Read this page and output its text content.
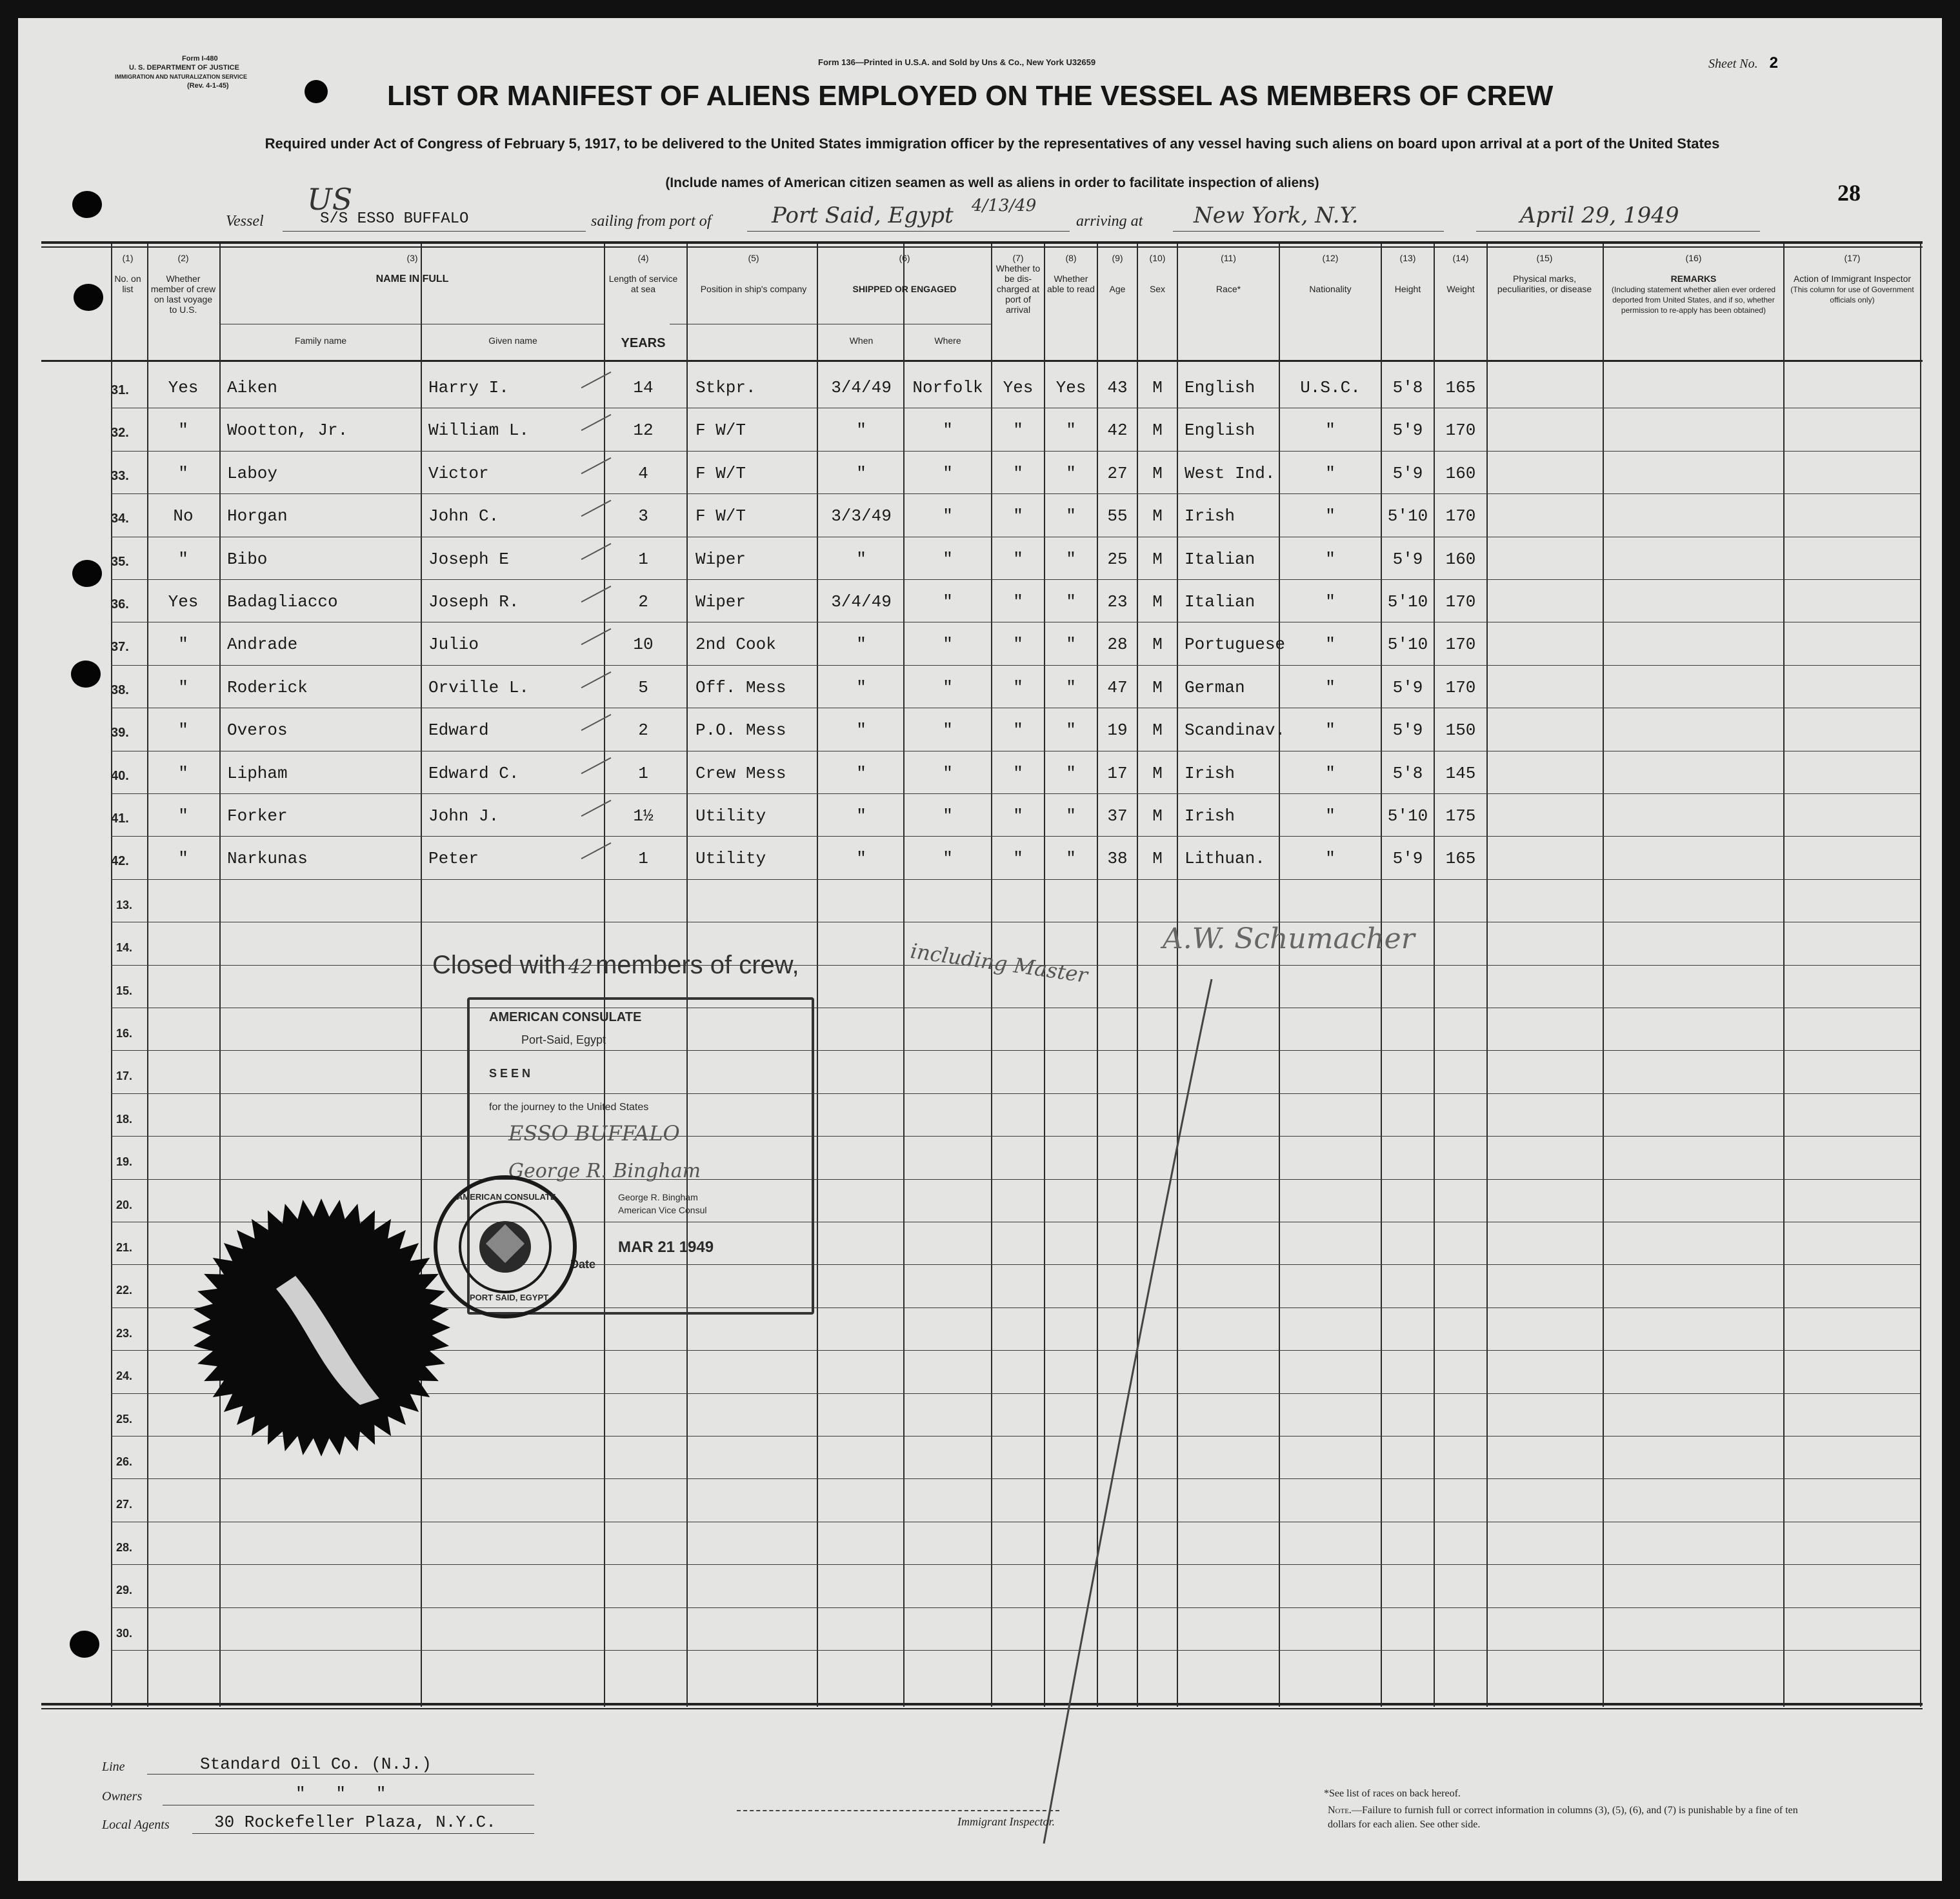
Form I-480
U. S. DEPARTMENT OF JUSTICE
IMMIGRATION AND NATURALIZATION SERVICE
(Rev. 4-1-45)
Form 136—Printed in U.S.A. and Sold by Uns & Co., New York U32659	Sheet No. 2
28
LIST OR MANIFEST OF ALIENS EMPLOYED ON THE VESSEL AS MEMBERS OF CREW
Required under Act of Congress of February 5, 1917, to be delivered to the United States immigration officer by the representatives of any vessel having such aliens on board upon arrival at a port of the United States
(Include names of American citizen seamen as well as aliens in order to facilitate inspection of aliens)
US
Vessel	S/S ESSO BUFFALO	sailing from port of	Port Said, Egypt 4/13/49
arriving at New York, N.Y.	April 29, 1949
(1)

No. on list
(2)

Whether member of crew on last voyage to U.S.
(3)

NAME IN FULL
Family name	Given name
(4)

Length of service at sea
YEARS
(5)

Position in ship's company
(6)

SHIPPED OR ENGAGED
When	Where
(7)
Whether to be dis-charged at port of arrival
(8)

Whether able to read
(9)

Age
(10)

Sex
(11)

Race*
(12)

Nationality
(13)

Height
(14)

Weight
(15)

Physical marks, peculiarities, or disease
(16)

REMARKS
(Including statement whether alien ever ordered deported from United States, and if so, whether permission to re-apply has been obtained)
(17)

Action of Immigrant Inspector
(This column for use of Government officials only)
31.	Yes	Aiken	Harry I.	14	Stkpr.	3/4/49	Norfolk	Yes	Yes	43	M	English	U.S.C.	5'8	165
32.	"	Wootton, Jr.	William L.	12	F W/T	"	"	"	"	42	M	English	"	5'9	170
33.	"	Laboy	Victor	4	F W/T	"	"	"	"	27	M	West Ind.	"	5'9	160
34.	No	Horgan	John C.	3	F W/T	3/3/49	"	"	"	55	M	Irish	"	5'10	170
35.	"	Bibo	Joseph E	1	Wiper	"	"	"	"	25	M	Italian	"	5'9	160
36.	Yes	Badagliacco	Joseph R.	2	Wiper	3/4/49	"	"	"	23	M	Italian	"	5'10	170
37.	"	Andrade	Julio	10	2nd Cook	"	"	"	"	28	M	Portuguese	"	5'10	170
38.	"	Roderick	Orville L.	5	Off. Mess	"	"	"	"	47	M	German	"	5'9	170
39.	"	Overos	Edward	2	P.O. Mess	"	"	"	"	19	M	Scandinav.	"	5'9	150
40.	"	Lipham	Edward C.	1	Crew Mess	"	"	"	"	17	M	Irish	"	5'8	145
41.	"	Forker	John J.	1½	Utility	"	"	"	"	37	M	Irish	"	5'10	175
42.	"	Narkunas	Peter	1	Utility	"	"	"	"	38	M	Lithuan.	"	5'9	165
13.
14.
15.
16.
17.
18.
19.
20.
21.
22.
23.
24.
25.
26.
27.
28.
29.
30.
Closed with 42 members of crew,	including Master	A.W. Schumacher
AMERICAN CONSULATE
Port-Said, Egypt
S E E N
for the journey to the United States
ESSO BUFFALO
George R. Bingham
George R. Bingham
American Vice Consul
MAR 21 1949
Date
AMERICAN CONSULATE
PORT SAID, EGYPT
Line	Standard Oil Co. (N.J.)
Owners	"   "   "
Local Agents	30 Rockefeller Plaza, N.Y.C.	Immigrant Inspector.
*See list of races on back hereof.
Note.—Failure to furnish full or correct information in columns (3), (5), (6), and (7) is punishable by a fine of ten dollars for each alien. See other side.
